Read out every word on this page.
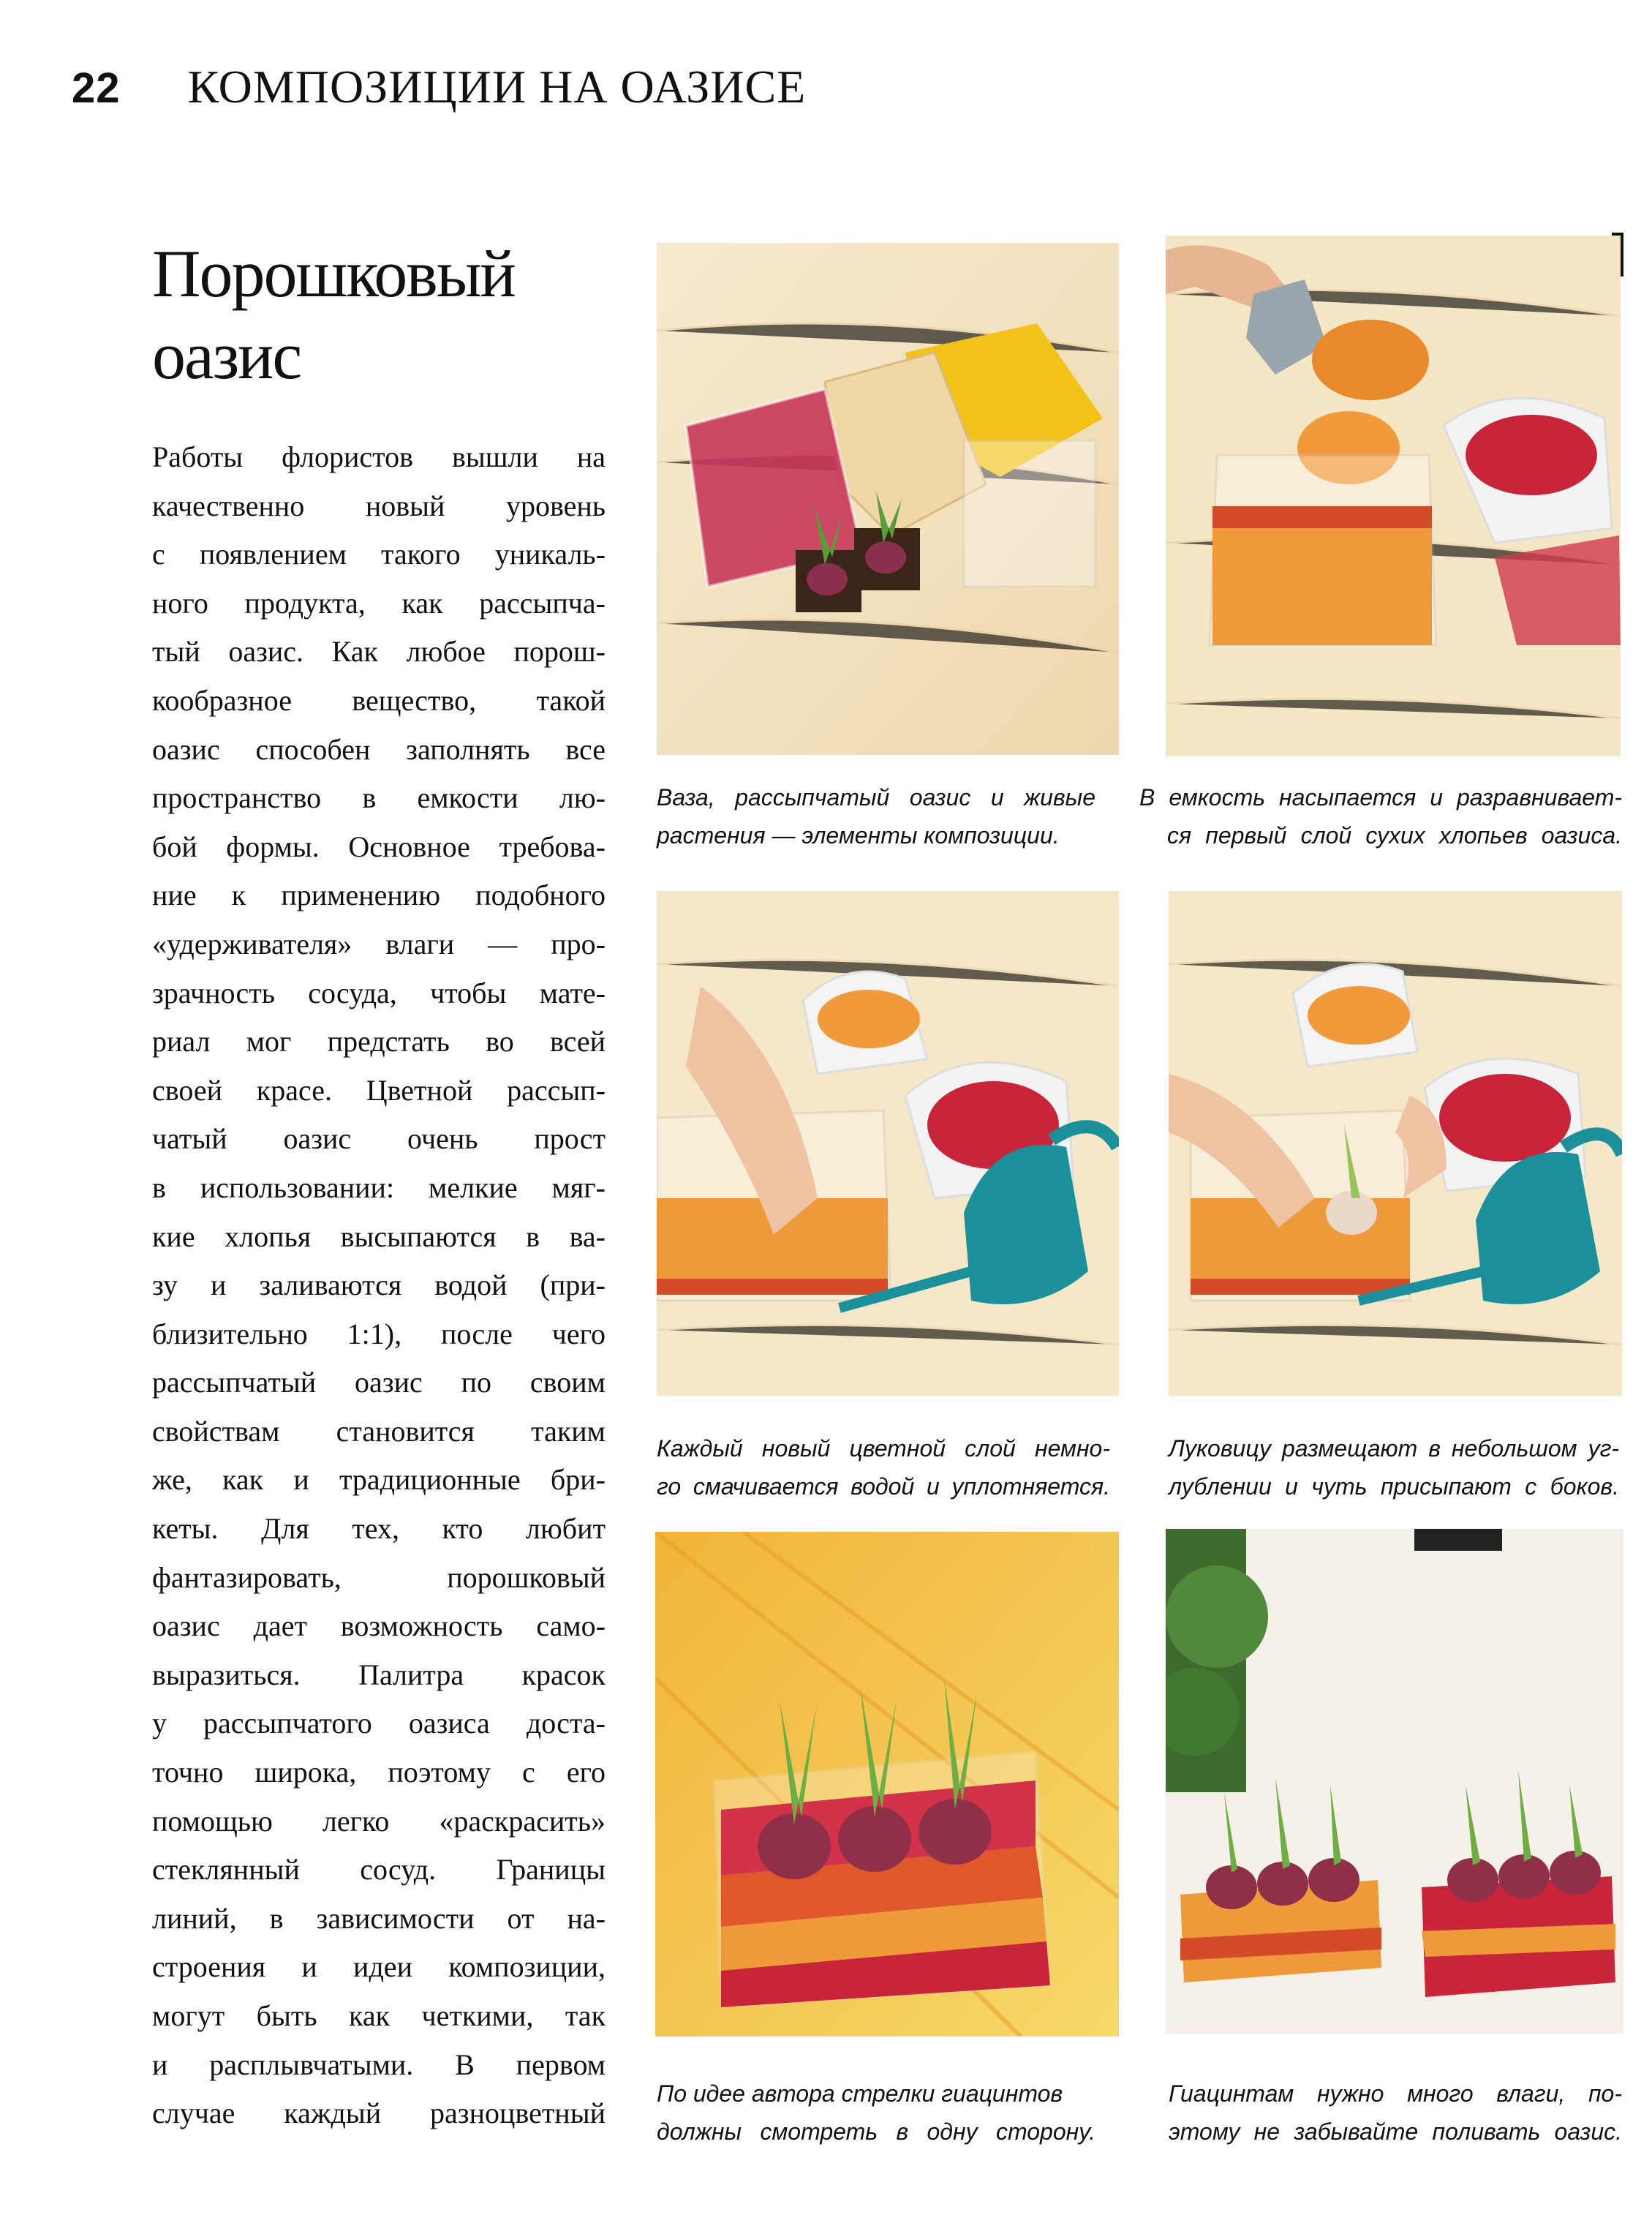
22 КОМПОЗИЦИИ НА ОАЗИСЕ
Порошковый
оазис
Работы флористов вышли на
качественно новый уровень
с появлением такого уникаль-
ного продукта, как рассыпча-
тый оазис. Как любое порош-
кообразное вещество, такой
оазис способен заполнять все
пространство в емкости лю-
бой формы. Основное требова-
ние к применению подобного
«удерживателя» влаги — про-
зрачность сосуда, чтобы мате-
риал мог предстать во всей
своей красе. Цветной рассып-
чатый оазис очень прост
в использовании: мелкие мяг-
кие хлопья высыпаются в ва-
зу и заливаются водой (при-
близительно 1:1), после чего
рассыпчатый оазис по своим
свойствам становится таким
же, как и традиционные бри-
кеты. Для тех, кто любит
фантазировать, порошковый
оазис дает возможность само-
выразиться. Палитра красок
у рассыпчатого оазиса доста-
точно широка, поэтому с его
помощью легко «раскрасить»
стеклянный сосуд. Границы
линий, в зависимости от на-
строения и идеи композиции,
могут быть как четкими, так
и расплывчатыми. В первом
случае каждый разноцветный
Ваза, рассыпчатый оазис и живые
растения — элементы композиции.
В емкость насыпается и разравнивает-
ся первый слой сухих хлопьев оазиса.
Каждый новый цветной слой немно-
го смачивается водой и уплотняется.
Луковицу размещают в небольшом уг-
лублении и чуть присыпают с боков.
По идее автора стрелки гиацинтов
должны смотреть в одну сторону.
Гиацинтам нужно много влаги, по-
этому не забывайте поливать оазис.
